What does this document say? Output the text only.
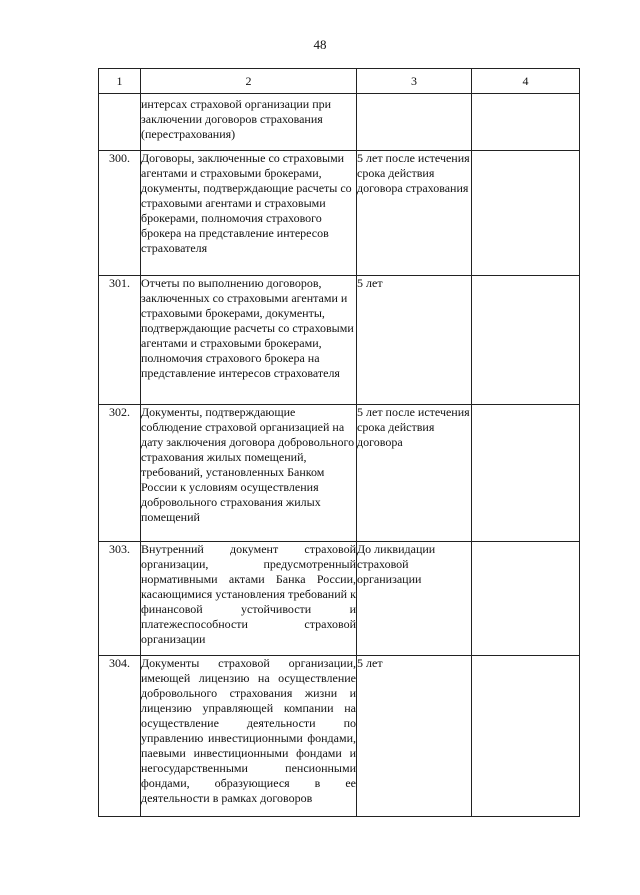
48
1	2	3	4
	интерсах страховой организации при заключении договоров страхования (перестрахования)		
300.	Договоры, заключенные со страховыми агентами и страховыми брокерами, документы, подтверждающие расчеты со страховыми агентами и страховыми брокерами, полномочия страхового брокера на представление интересов страхователя	5 лет после истечения срока действия договора страхования	
301.	Отчеты по выполнению договоров, заключенных со страховыми агентами и страховыми брокерами, документы, подтверждающие расчеты со страховыми агентами и страховыми брокерами, полномочия страхового брокера на представление интересов страхователя	5 лет	
302.	Документы, подтверждающие соблюдение страховой организацией на дату заключения договора добровольного страхования жилых помещений, требований, установленных Банком России к условиям осуществления добровольного страхования жилых помещений	5 лет после истечения срока действия договора	
303.	Внутренний документ страховой организации, предусмотренный нормативными актами Банка России, касающимися установления требований к финансовой устойчивости и платежеспособности страховой организации	До ликвидации страховой организации	
304.	Документы страховой организации, имеющей лицензию на осуществление добровольного страхования жизни и лицензию управляющей компании на осуществление деятельности по управлению инвестиционными фондами, паевыми инвестиционными фондами и негосударственными пенсионными фондами, образующиеся в ее деятельности в рамках договоров	5 лет	
